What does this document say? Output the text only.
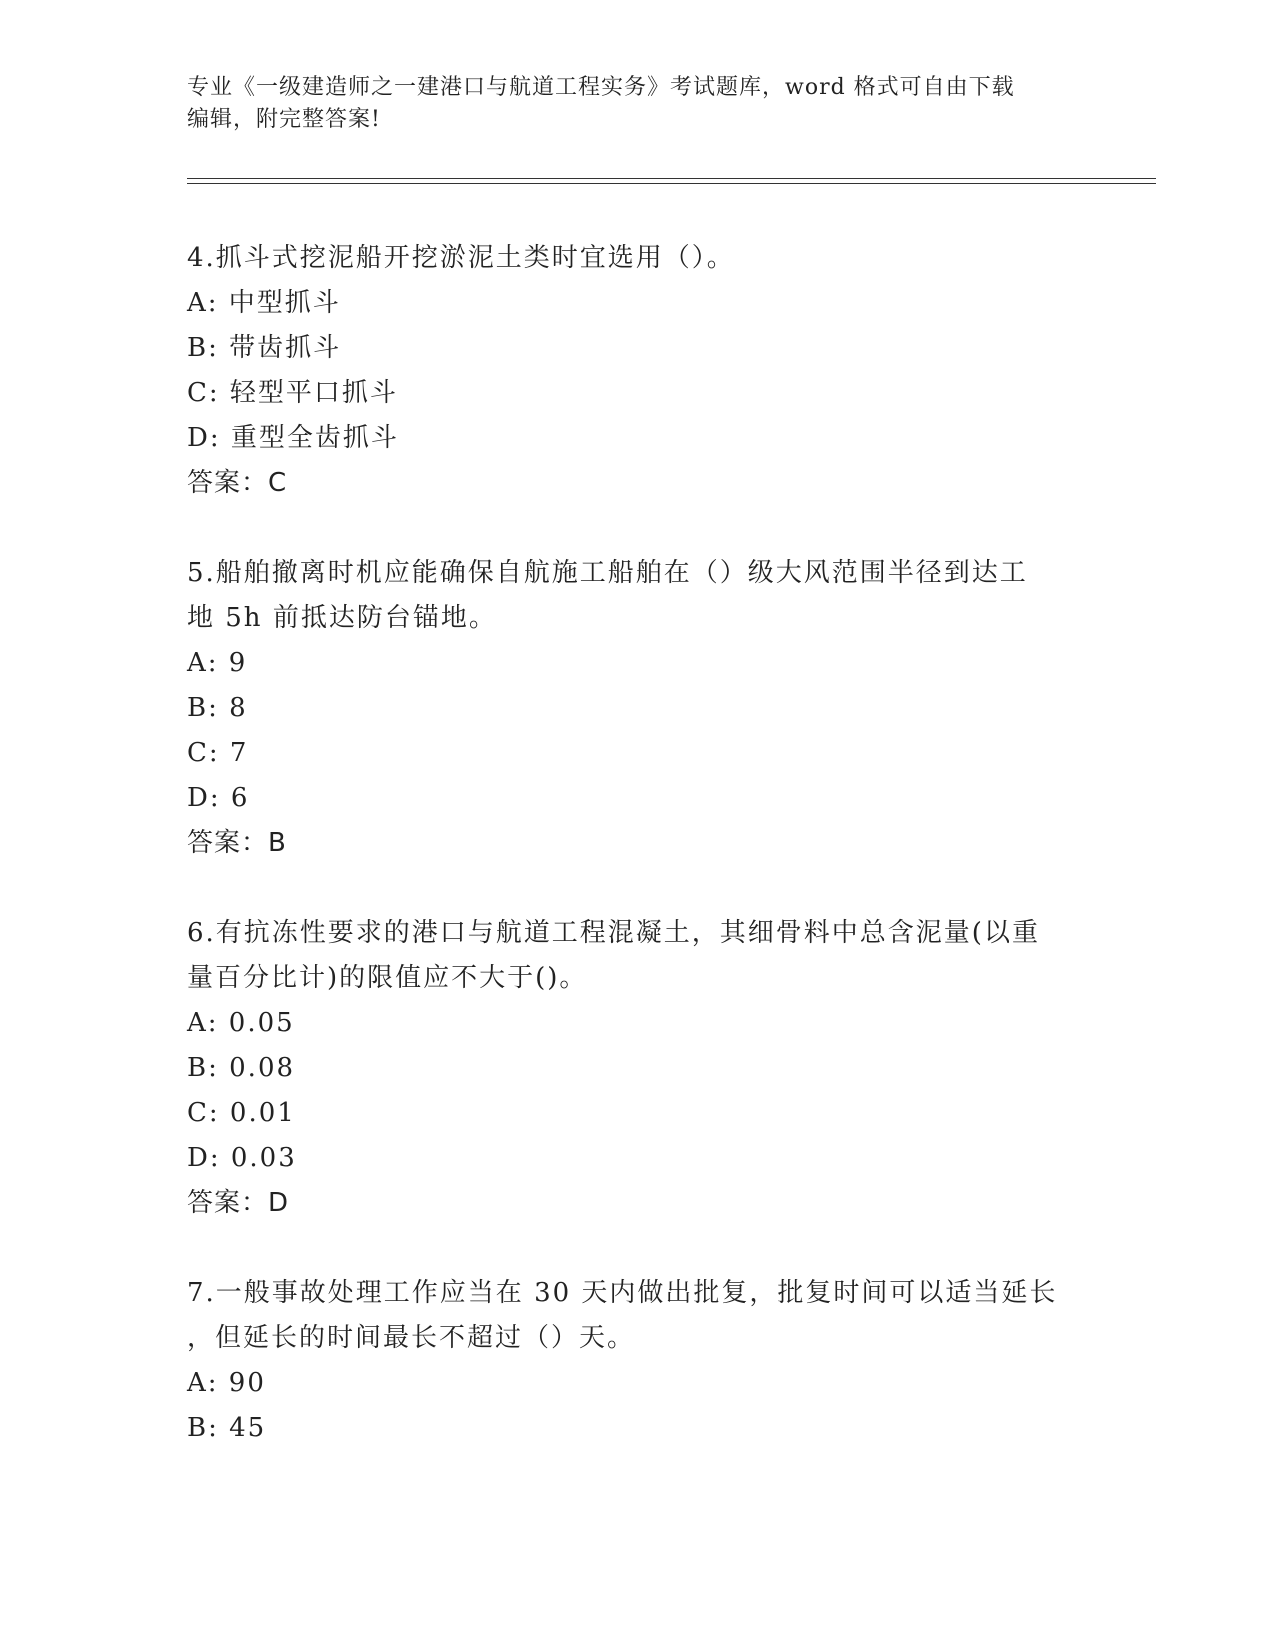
专业《一级建造师之一建港口与航道工程实务》考试题库，word 格式可自由下载
编辑，附完整答案!

4.抓斗式挖泥船开挖淤泥土类时宜选用（）。

A: 中型抓斗

B: 带齿抓斗

C: 轻型平口抓斗

D: 重型全齿抓斗

答案：C

5.船舶撤离时机应能确保自航施工船舶在（）级大风范围半径到达工

地 5h 前抵达防台锚地。

A: 9

B: 8

C: 7

D: 6

答案：B

6.有抗冻性要求的港口与航道工程混凝土，其细骨料中总含泥量(以重

量百分比计)的限值应不大于()。

A: 0.05

B: 0.08

C: 0.01

D: 0.03

答案：D

7.一般事故处理工作应当在 30 天内做出批复，批复时间可以适当延长

，但延长的时间最长不超过（）天。

A: 90

B: 45
